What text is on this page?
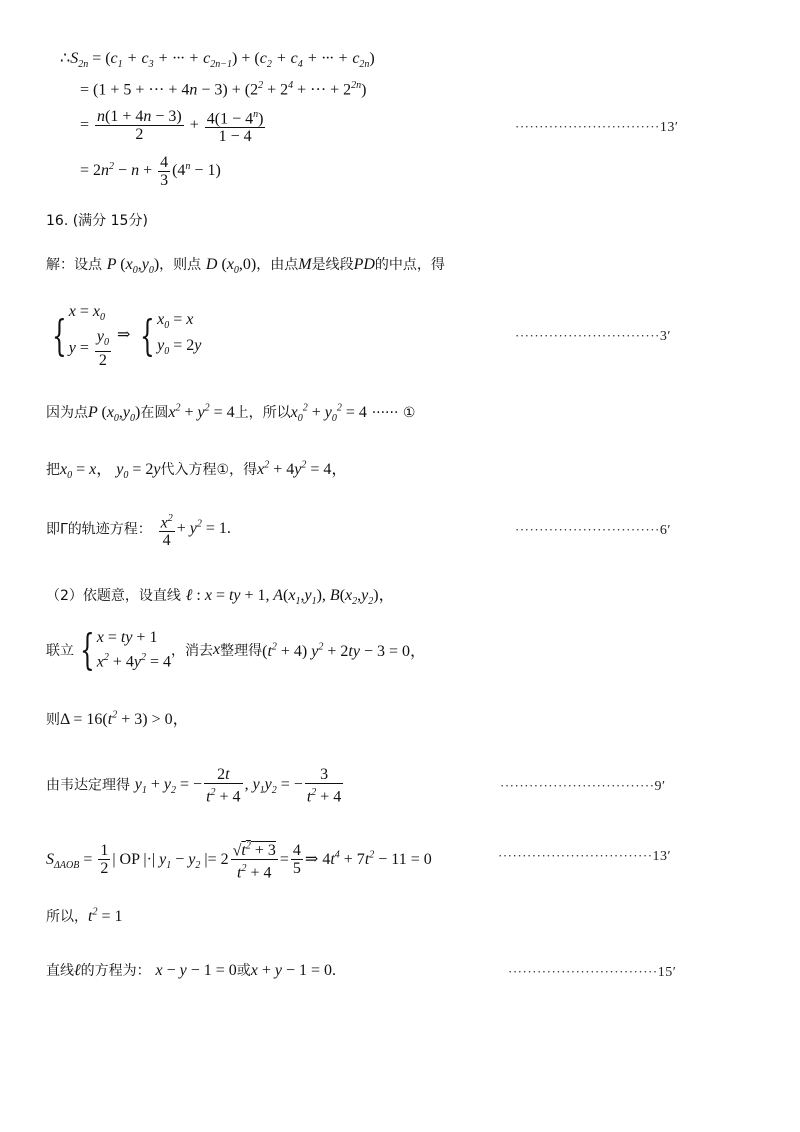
$\therefore S_{2n} = (c_1 + c_3$ + ··· + $c_{2n-1}) + (c_2 + c_4$ + ··· + $c_{2n}$)
= (1 + 5 + ··· + $4n - 3) + (2^2 + 2^4$ + ··· + $2^{2n}$)
= $\frac{n(1 + 4n - 3)}{2} + \frac{4(1 - 4^n)}{1 - 4}$	······························13′
= $2n^2 - n + \frac{4}{3} (4^n - 1)$
16. (满分 15分)
解：设点 P $(x_0,y_0)$，则点 D $(x_0,0)$，由点M是线段PD的中点，得
{ $x = x_0$
$y = \frac{y_0}{2}$ ⇒ { $x_0 = x$
$y_0 = 2y$
······························3′
因为点P $(x_0,y_0)$在圆$x^2 + y^2 = 4$上，所以$x_0^2 + y_0^2 = 4$ ······ ①
把$x_0 = x$， $y_0 = 2y$代入方程①，得$x^2 + 4y^2 = 4$，
即Γ的轨迹方程： $\frac{x^2}{4} + y^2 = 1$.	······························6′
（2）依题意，设直线 ℓ : x = ty + 1, $A(x_1,y_1)$, $B(x_2,y_2)$，
联立 { x = ty + 1
$x^2 + 4y^2 = 4$
，消去x整理得$(t^2 + 4) y^2 + 2ty - 3 = 0$，
则$\Delta = 16(t^2 + 3) > 0$，
由韦达定理得 $y_1 + y_2$ = − $\frac{2t}{t^2 + 4}$ , $y_1y_2$ = − $\frac{3}{t^2 + 4}$	································9′
$S_{\Delta AOB} = \frac{1}{2}$ | OP |·| $y_1 - y_2$ |= $2 \frac{√t^2 + 3}{t^2 + 4} = \frac{4}{5}$ ⇒ $4t^4 + 7t^2 - 11 = 0$	································13′
所以，$t^2 = 1$
直线ℓ的方程为： x − y − 1 = 0或x + y − 1 = 0.	·······························15′
